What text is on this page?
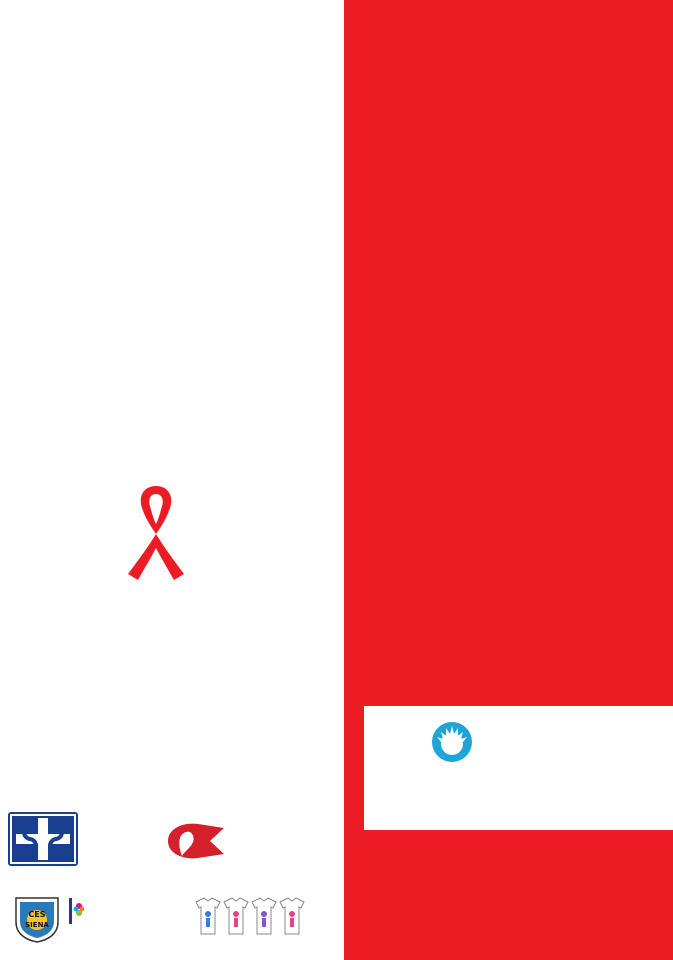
CES
SIENA
